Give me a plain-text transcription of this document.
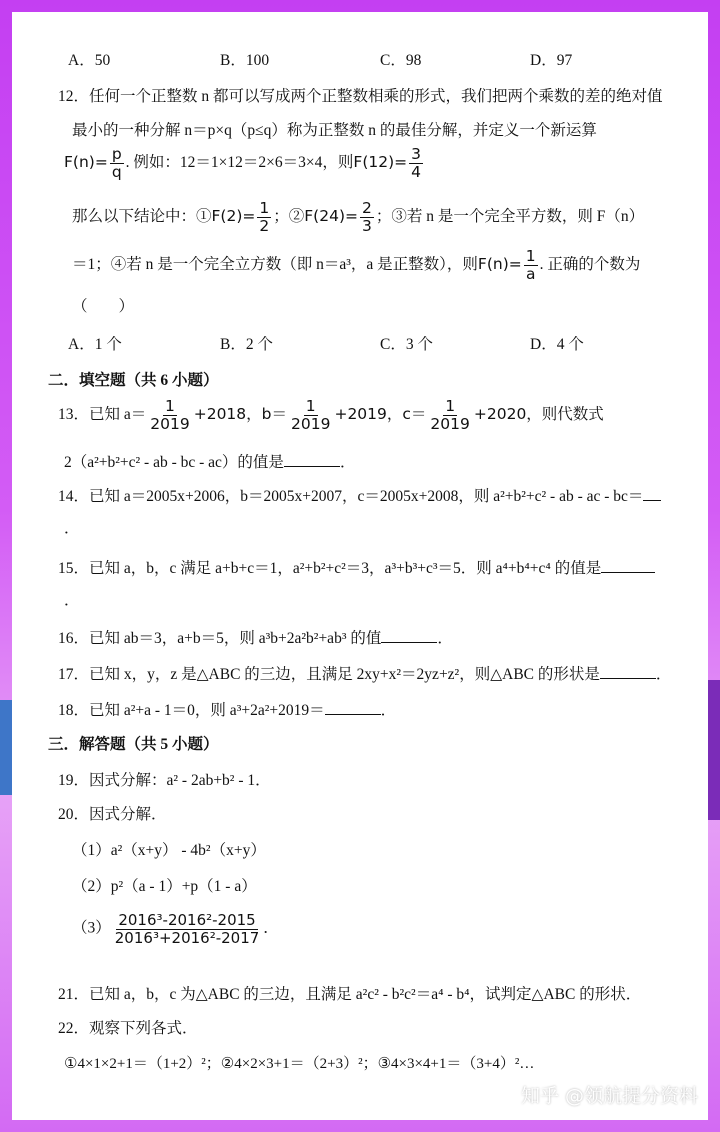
A．50	B．100	C．98	D．97
12．任何一个正整数 n 都可以写成两个正整数相乘的形式，我们把两个乘数的差的绝对值
最小的一种分解 n＝p×q（p≤q）称为正整数 n 的最佳分解，并定义一个新运算
$F(n)= \frac{p}{q}$ . 例如：12＝1×12＝2×6＝3×4，则$F(12)= \frac{3}{4}$
那么以下结论中：①F(2)= $\frac{1}{2}$ ；②F(24)= $\frac{2}{3}$ ；③若 n 是一个完全平方数，则 F（n）
＝1；④若 n 是一个完全立方数（即 n＝a³，a 是正整数），则$F(n)= \frac{1}{a}$ . 正确的个数为
（　　）
A．1 个	B．2 个	C．3 个	D．4 个
二．填空题（共 6 小题）
13．已知 $a= \frac{1}{2019} +2018$，$b= \frac{1}{2019} +2019$，$c= \frac{1}{2019} +2020$，则代数式
2（a²+b²+c² - ab - bc - ac）的值是	．
14．已知 a＝2005x+2006，b＝2005x+2007，c＝2005x+2008，则 a²+b²+c² - ab - ac - bc＝
．
15．已知 a，b，c 满足 a+b+c＝1，a²+b²+c²＝3，a³+b³+c³＝5．则 a⁴+b⁴+c⁴ 的值是
．
16．已知 ab＝3，a+b＝5，则 a³b+2a²b²+ab³ 的值	．
17．已知 x，y，z 是△ABC 的三边，且满足 2xy+x²＝2yz+z²，则△ABC 的形状是	．
18．已知 a²+a - 1＝0，则 a³+2a²+2019＝	．
三．解答题（共 5 小题）
19．因式分解：a² - 2ab+b² - 1．
20．因式分解．
（1）a²（x+y） - 4b²（x+y）
（2）p²（a - 1）+p（1 - a）
$(3) \frac{\text{2016³-2016²-2015}}{\text{2016³+2016²-2017}}$ ．
21．已知 a，b，c 为△ABC 的三边，且满足 a²c² - b²c²＝a⁴ - b⁴，试判定△ABC 的形状．
22．观察下列各式．
①4×1×2+1＝（1+2）²；②4×2×3+1＝（2+3）²；③4×3×4+1＝（3+4）²…
知乎 @领航提分资料
